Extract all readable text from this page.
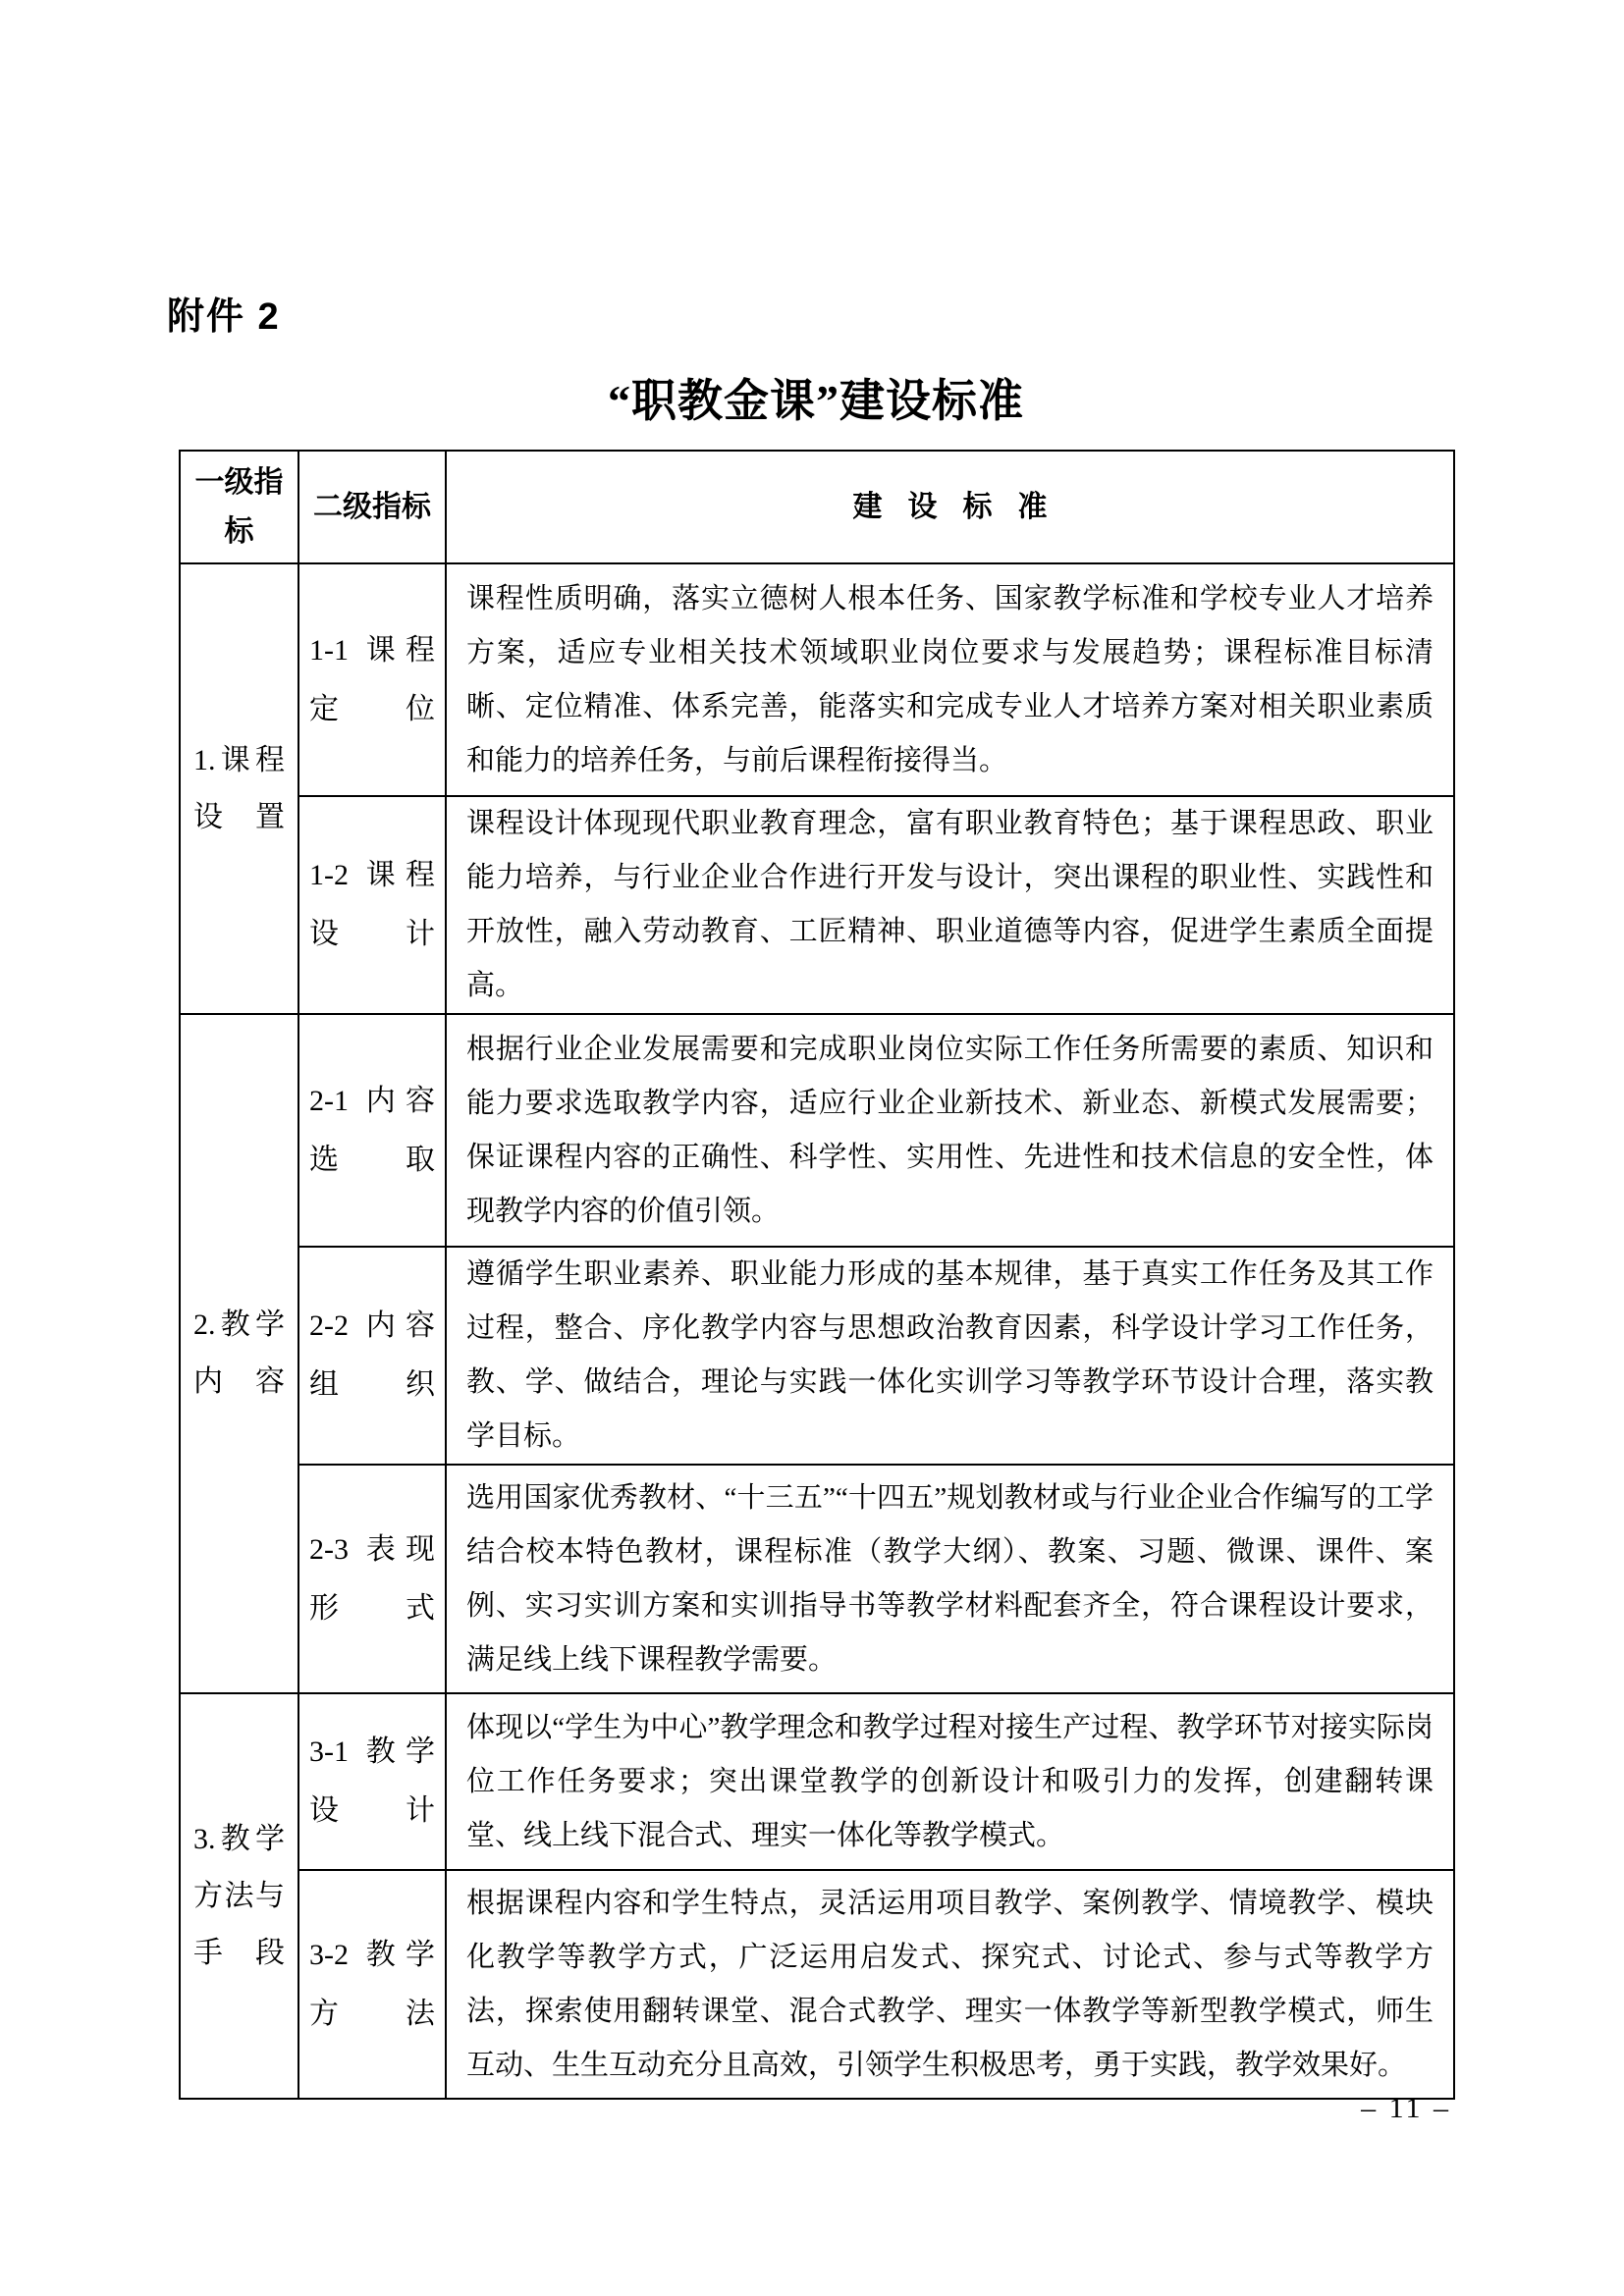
附件 2
“职教金课”建设标准
一级指标	二级指标	建设标准
1.课程设置	1-1 课程定位	课程性质明确，落实立德树人根本任务、国家教学标准和学校专业人才培养方案，适应专业相关技术领域职业岗位要求与发展趋势；课程标准目标清晰、定位精准、体系完善，能落实和完成专业人才培养方案对相关职业素质和能力的培养任务，与前后课程衔接得当。
	1-2 课程设计	课程设计体现现代职业教育理念，富有职业教育特色；基于课程思政、职业能力培养，与行业企业合作进行开发与设计，突出课程的职业性、实践性和开放性，融入劳动教育、工匠精神、职业道德等内容，促进学生素质全面提高。
2.教学内容	2-1 内容选取	根据行业企业发展需要和完成职业岗位实际工作任务所需要的素质、知识和能力要求选取教学内容，适应行业企业新技术、新业态、新模式发展需要；保证课程内容的正确性、科学性、实用性、先进性和技术信息的安全性，体现教学内容的价值引领。
	2-2 内容组织	遵循学生职业素养、职业能力形成的基本规律，基于真实工作任务及其工作过程，整合、序化教学内容与思想政治教育因素，科学设计学习工作任务，教、学、做结合，理论与实践一体化实训学习等教学环节设计合理，落实教学目标。
	2-3 表现形式	选用国家优秀教材、“十三五”“十四五”规划教材或与行业企业合作编写的工学结合校本特色教材，课程标准（教学大纲）、教案、习题、微课、课件、案例、实习实训方案和实训指导书等教学材料配套齐全，符合课程设计要求，满足线上线下课程教学需要。
3.教学方法与手段	3-1 教学设计	体现以“学生为中心”教学理念和教学过程对接生产过程、教学环节对接实际岗位工作任务要求；突出课堂教学的创新设计和吸引力的发挥，创建翻转课堂、线上线下混合式、理实一体化等教学模式。
	3-2 教学方法	根据课程内容和学生特点，灵活运用项目教学、案例教学、情境教学、模块化教学等教学方式，广泛运用启发式、探究式、讨论式、参与式等教学方法，探索使用翻转课堂、混合式教学、理实一体教学等新型教学模式，师生互动、生生互动充分且高效，引领学生积极思考，勇于实践，教学效果好。
– 11 –
